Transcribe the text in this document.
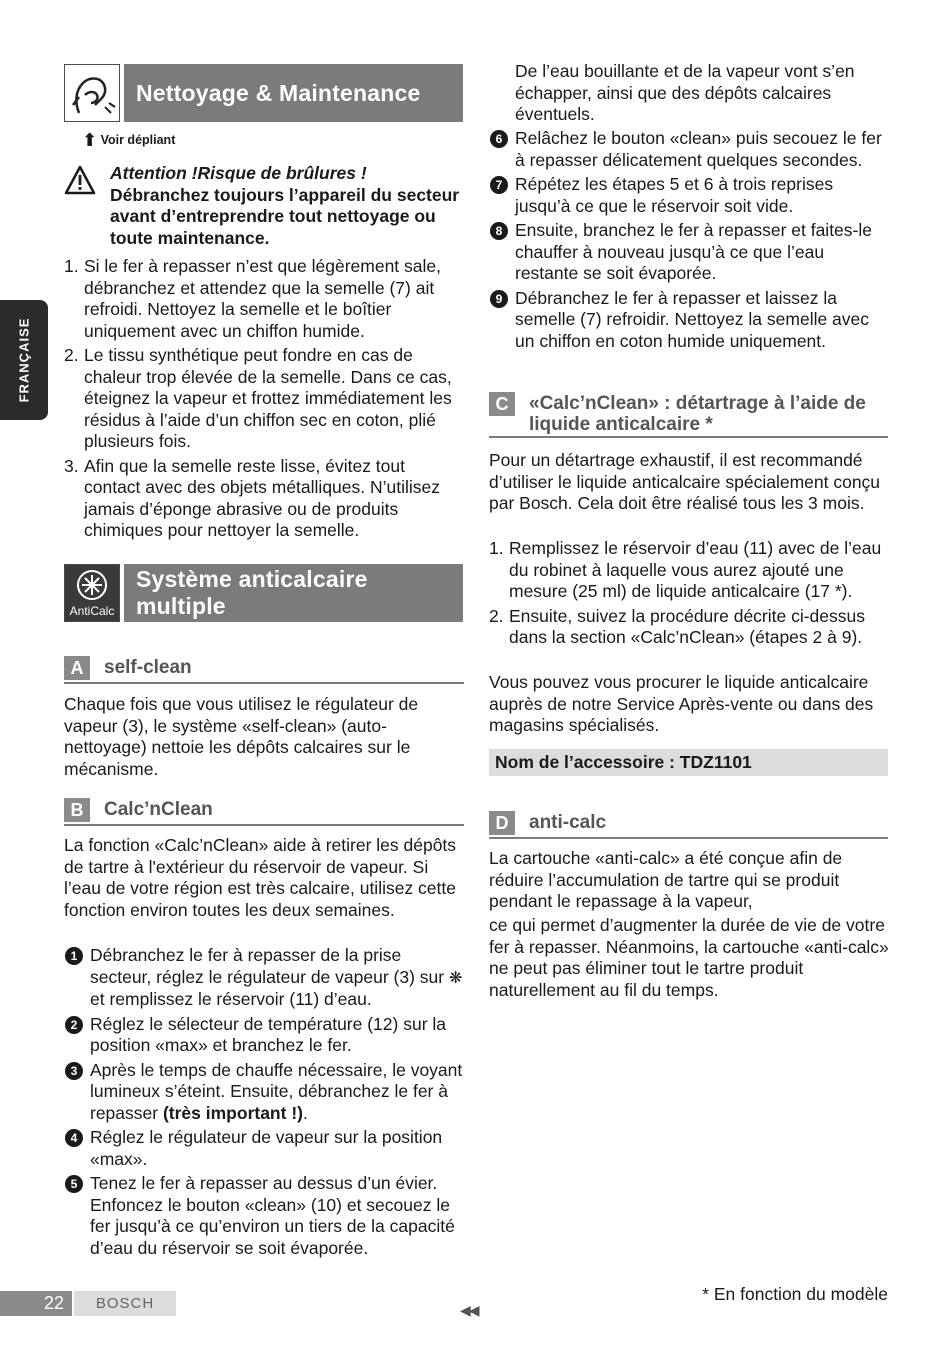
FRANÇAISE
Nettoyage & Maintenance
⬆ Voir dépliant

Attention !Risque de brûlures !

Débranchez toujours l’appareil du secteur avant d’entreprendre tout nettoyage ou toute maintenance.

1. Si le fer à repasser n’est que légèrement sale, débranchez et attendez que la semelle (7) ait refroidi. Nettoyez la semelle et le boîtier uniquement avec un chiffon humide.
2. Le tissu synthétique peut fondre en cas de chaleur trop élevée de la semelle. Dans ce cas, éteignez la vapeur et frottez immédiatement les résidus à l’aide d’un chiffon sec en coton, plié plusieurs fois.
3. Afin que la semelle reste lisse, évitez tout contact avec des objets métalliques. N’utilisez jamais d’éponge abrasive ou de produits chimiques pour nettoyer la semelle.
AntiCalc
Système anticalcaire multiple
A	self-clean

Chaque fois que vous utilisez le régulateur de vapeur (3), le système «self-clean» (auto-nettoyage) nettoie les dépôts calcaires sur le mécanisme.

B	Calc’nClean

La fonction «Calc’nClean» aide à retirer les dépôts de tartre à l'extérieur du réservoir de vapeur. Si l’eau de votre région est très calcaire, utilisez cette fonction environ toutes les deux semaines.

1 Débranchez le fer à repasser de la prise secteur, réglez le régulateur de vapeur (3) sur ❋ et remplissez le réservoir (11) d’eau.
2 Réglez le sélecteur de température (12) sur la position «max» et branchez le fer.
3 Après le temps de chauffe nécessaire, le voyant lumineux s’éteint. Ensuite, débranchez le fer à repasser (très important !).
4 Réglez le régulateur de vapeur sur la position «max».
5 Tenez le fer à repasser au dessus d’un évier. Enfoncez le bouton «clean» (10) et secouez le fer jusqu’à ce qu’environ un tiers de la capacité d’eau du réservoir se soit évaporée.

De l’eau bouillante et de la vapeur vont s’en échapper, ainsi que des dépôts calcaires éventuels.

6 Relâchez le bouton «clean» puis secouez le fer à repasser délicatement quelques secondes.
7 Répétez les étapes 5 et 6 à trois reprises jusqu’à ce que le réservoir soit vide.
8 Ensuite, branchez le fer à repasser et faites-le chauffer à nouveau jusqu’à ce que l’eau restante se soit évaporée.
9 Débranchez le fer à repasser et laissez la semelle (7) refroidir. Nettoyez la semelle avec un chiffon en coton humide uniquement.
C	«Calc’nClean» : détartrage à l’aide de liquide anticalcaire *

Pour un détartrage exhaustif, il est recommandé d’utiliser le liquide anticalcaire spécialement conçu par Bosch. Cela doit être réalisé tous les 3 mois.

1. Remplissez le réservoir d’eau (11) avec de l’eau du robinet à laquelle vous aurez ajouté une mesure (25 ml) de liquide anticalcaire (17 *).
2. Ensuite, suivez la procédure décrite ci-dessus dans la section «Calc’nClean» (étapes 2 à 9).

Vous pouvez vous procurer le liquide anticalcaire auprès de notre Service Après-vente ou dans des magasins spécialisés.

Nom de l’accessoire : TDZ1101
D	anti-calc

La cartouche «anti-calc» a été conçue afin de réduire l’accumulation de tartre qui se produit pendant le repassage à la vapeur,

ce qui permet d’augmenter la durée de vie de votre fer à repasser. Néanmoins, la cartouche «anti-calc» ne peut pas éliminer tout le tartre produit naturellement au fil du temps.

22	BOSCH	◀◀
* En fonction du modèle
